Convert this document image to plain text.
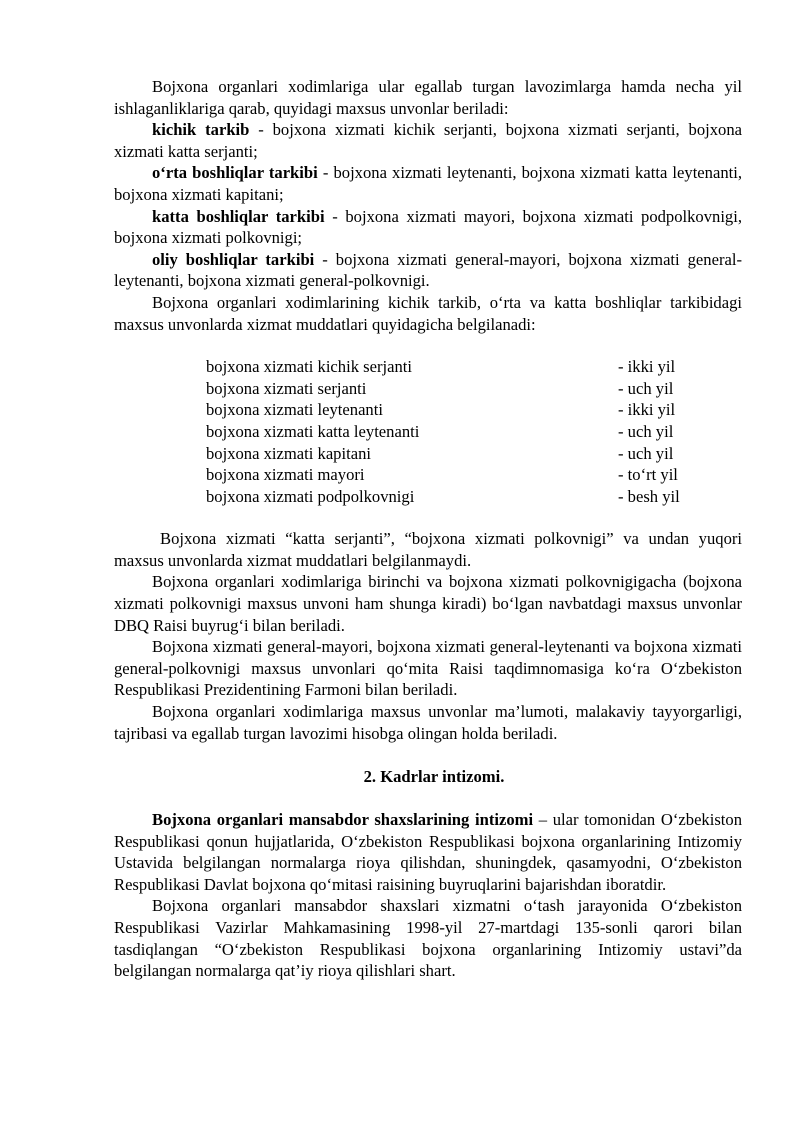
Bojxona organlari xodimlariga ular egallab turgan lavozimlarga hamda necha yil ishlaganliklariga qarab, quyidagi maxsus unvonlar beriladi:

kichik tarkib - bojxona xizmati kichik serjanti, bojxona xizmati serjanti, bojxona xizmati katta serjanti;

o‘rta boshliqlar tarkibi - bojxona xizmati leytenanti, bojxona xizmati katta leytenanti, bojxona xizmati kapitani;

katta boshliqlar tarkibi - bojxona xizmati mayori, bojxona xizmati podpolkovnigi, bojxona xizmati polkovnigi;

oliy boshliqlar tarkibi - bojxona xizmati general-mayori, bojxona xizmati general-leytenanti, bojxona xizmati general-polkovnigi.

Bojxona organlari xodimlarining kichik tarkib, o‘rta va katta boshliqlar tarkibidagi maxsus unvonlarda xizmat muddatlari quyidagicha belgilanadi:

bojxona xizmati kichik serjanti	- ikki yil
bojxona xizmati serjanti	- uch yil
bojxona xizmati leytenanti	- ikki yil
bojxona xizmati katta leytenanti	- uch yil
bojxona xizmati kapitani	- uch yil
bojxona xizmati mayori	- to‘rt yil
bojxona xizmati podpolkovnigi	- besh yil

Bojxona xizmati “katta serjanti”, “bojxona xizmati polkovnigi” va undan yuqori maxsus unvonlarda xizmat muddatlari belgilanmaydi.

Bojxona organlari xodimlariga birinchi va bojxona xizmati polkovnigigacha (bojxona xizmati polkovnigi maxsus unvoni ham shunga kiradi) bo‘lgan navbatdagi maxsus unvonlar DBQ Raisi buyrug‘i bilan beriladi.

Bojxona xizmati general-mayori, bojxona xizmati general-leytenanti va bojxona xizmati general-polkovnigi maxsus unvonlari qo‘mita Raisi taqdimnomasiga ko‘ra O‘zbekiston Respublikasi Prezidentining Farmoni bilan beriladi.

Bojxona organlari xodimlariga maxsus unvonlar ma’lumoti, malakaviy tayyorgarligi, tajribasi va egallab turgan lavozimi hisobga olingan holda beriladi.

2. Kadrlar intizomi.

Bojxona organlari mansabdor shaxslarining intizomi – ular tomonidan O‘zbekiston Respublikasi qonun hujjatlarida, O‘zbekiston Respublikasi bojxona organlarining Intizomiy Ustavida belgilangan normalarga rioya qilishdan, shuningdek, qasamyodni, O‘zbekiston Respublikasi Davlat bojxona qo‘mitasi raisining buyruqlarini bajarishdan iboratdir.

Bojxona organlari mansabdor shaxslari xizmatni o‘tash jarayonida O‘zbekiston Respublikasi Vazirlar Mahkamasining 1998-yil 27-martdagi 135-sonli qarori bilan tasdiqlangan “O‘zbekiston Respublikasi bojxona organlarining Intizomiy ustavi”da belgilangan normalarga qat’iy rioya qilishlari shart.
